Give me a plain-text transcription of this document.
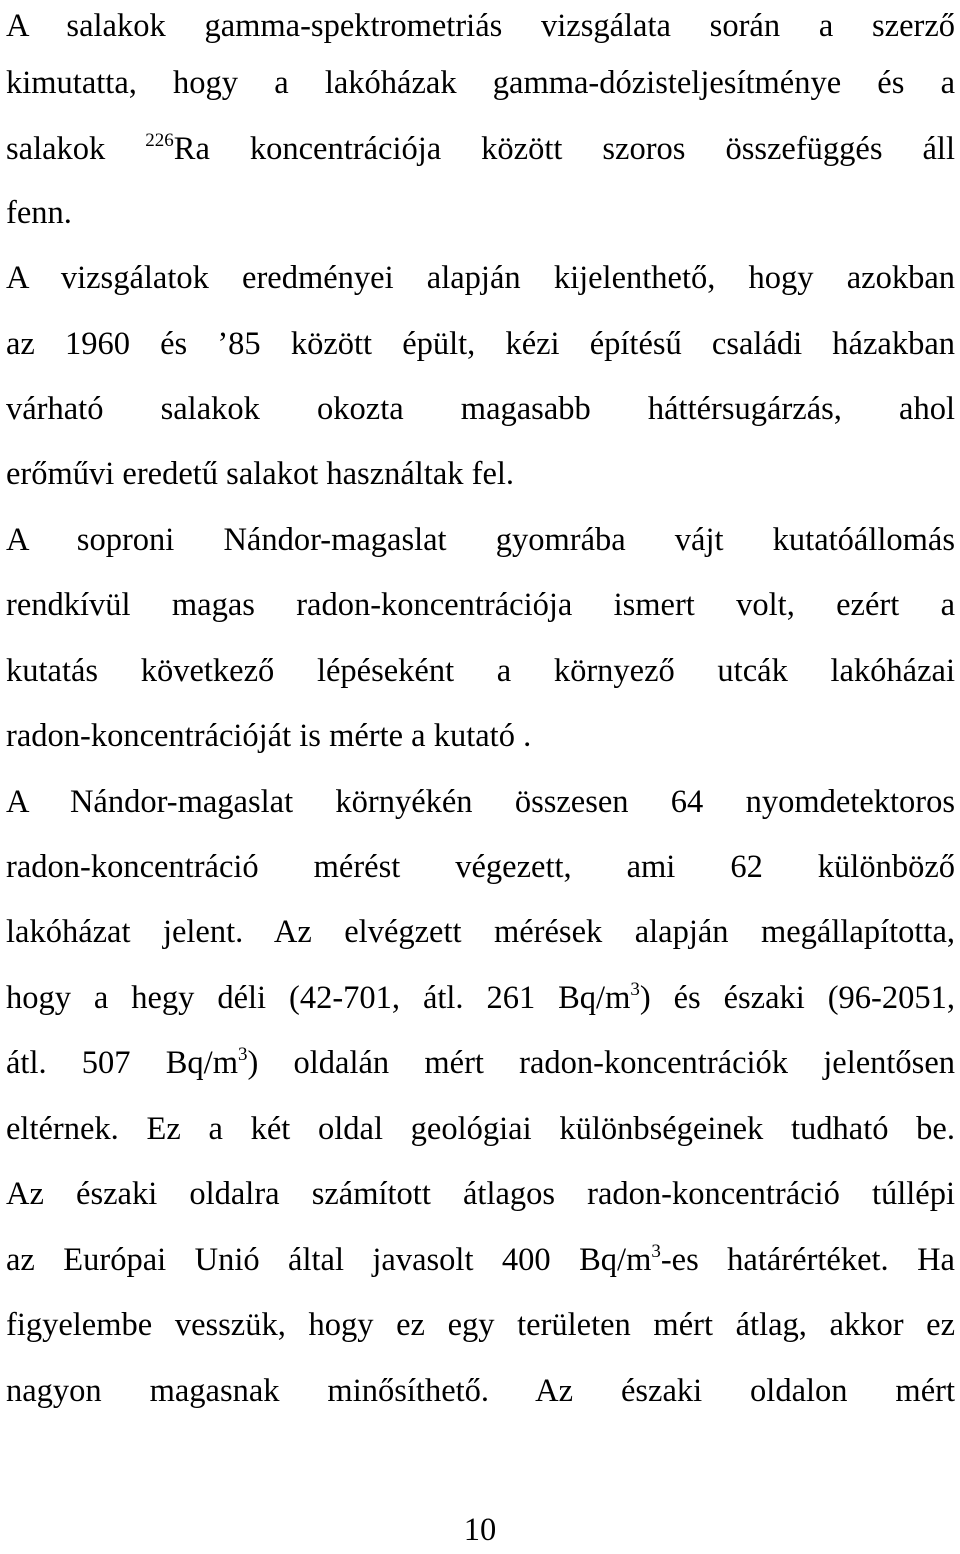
A salakok gamma-spektrometriás vizsgálata során a szerző
kimutatta, hogy a lakóházak gamma-dózisteljesítménye és a
salakok $^{226}$Ra koncentrációja között szoros összefüggés áll
fenn.
A vizsgálatok eredményei alapján kijelenthető, hogy azokban
az 1960 és ’85 között épült, kézi építésű családi házakban
várható salakok okozta magasabb háttérsugárzás, ahol
erőművi eredetű salakot használtak fel.
A soproni Nándor-magaslat gyomrába vájt kutatóállomás
rendkívül magas radon-koncentrációja ismert volt, ezért a
kutatás következő lépéseként a környező utcák lakóházai
radon-koncentrációját is mérte a kutató .
A Nándor-magaslat környékén összesen 64 nyomdetektoros
radon-koncentráció mérést végezett, ami 62 különböző
lakóházat jelent. Az elvégzett mérések alapján megállapította,
hogy a hegy déli (42-701, átl. 261 $Bq/m^3$) és északi (96-2051,
átl. 507 $Bq/m^3$) oldalán mért radon-koncentrációk jelentősen
eltérnek. Ez a két oldal geológiai különbségeinek tudható be.
Az északi oldalra számított átlagos radon-koncentráció túllépi
az Európai Unió által javasolt 400 $Bq/m^3-es$ határértéket. Ha
figyelembe vesszük, hogy ez egy területen mért átlag, akkor ez
nagyon magasnak minősíthető. Az északi oldalon mért
10
